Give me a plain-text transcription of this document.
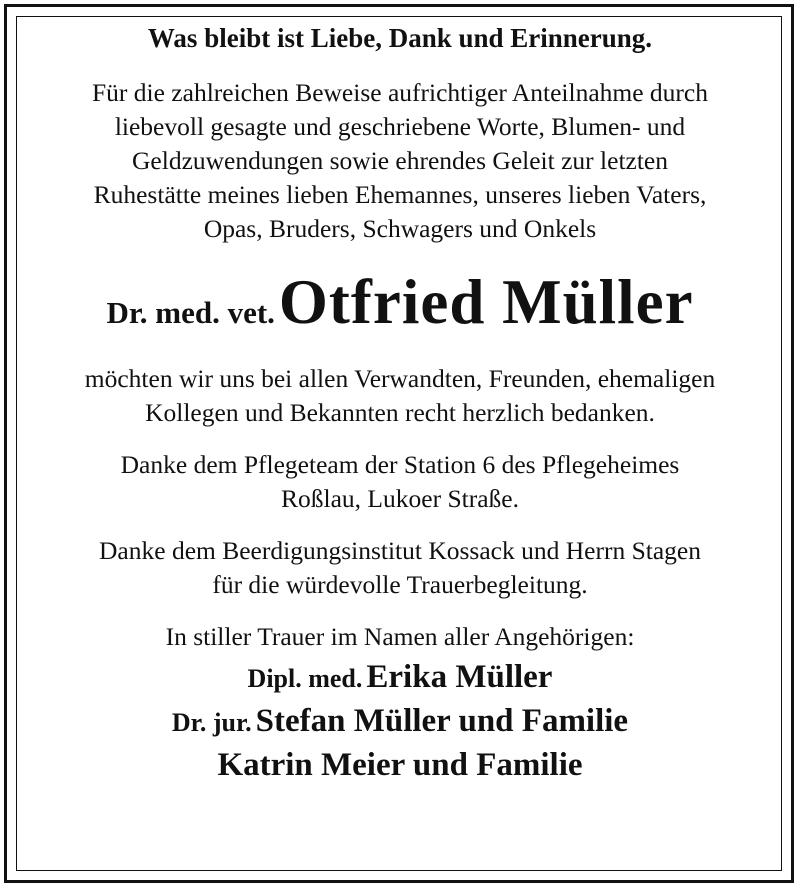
Was bleibt ist Liebe, Dank und Erinnerung.

Für die zahlreichen Beweise aufrichtiger Anteilnahme durch

liebevoll gesagte und geschriebene Worte, Blumen- und

Geldzuwendungen sowie ehrendes Geleit zur letzten

Ruhestätte meines lieben Ehemannes, unseres lieben Vaters,

Opas, Bruders, Schwagers und Onkels

Dr. med. vet. Otfried Müller

möchten wir uns bei allen Verwandten, Freunden, ehemaligen

Kollegen und Bekannten recht herzlich bedanken.

Danke dem Pflegeteam der Station 6 des Pflegeheimes

Roßlau, Lukoer Straße.

Danke dem Beerdigungsinstitut Kossack und Herrn Stagen

für die würdevolle Trauerbegleitung.

In stiller Trauer im Namen aller Angehörigen:
Dipl. med. Erika Müller
Dr. jur. Stefan Müller und Familie
Katrin Meier und Familie
